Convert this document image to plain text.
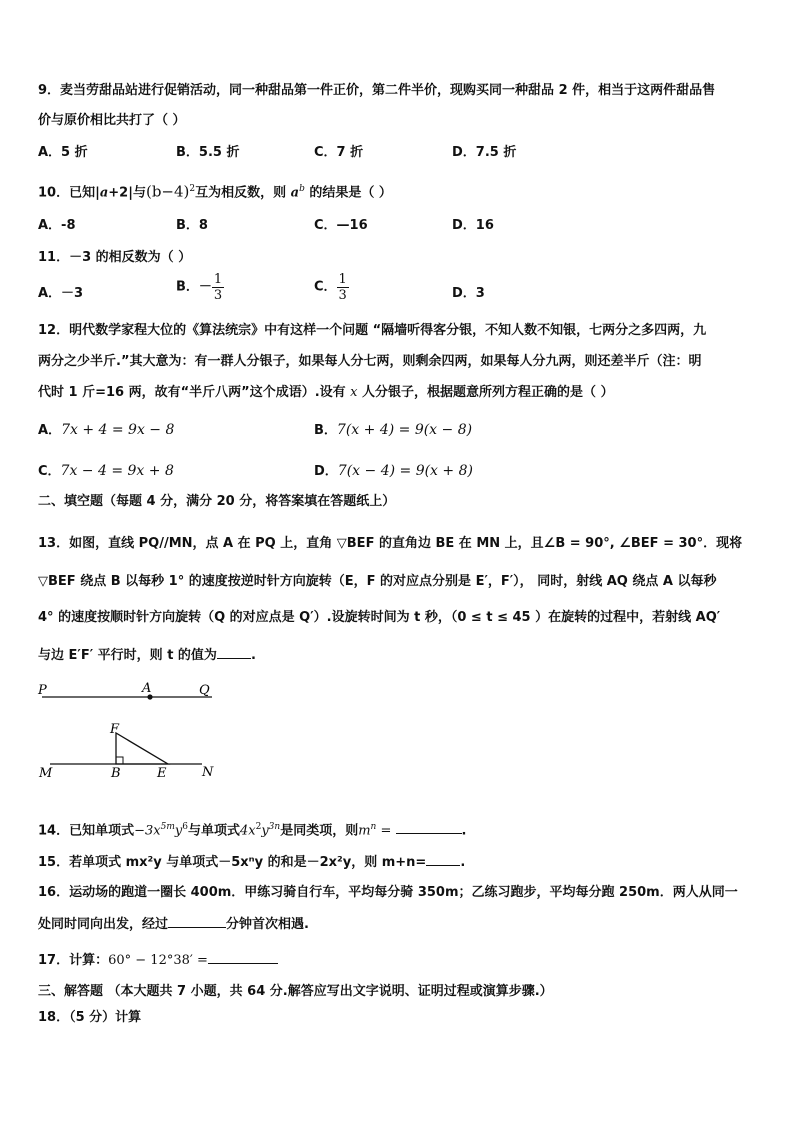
9．麦当劳甜品站进行促销活动，同一种甜品第一件正价，第二件半价，现购买同一种甜品 2 件，相当于这两件甜品售
价与原价相比共打了（ ）
A．5 折	B．5.5 折	C．7 折	D．7.5 折
10．已知|a+2|与$(b-4)^2$互为相反数，则 $a^b$ 的结果是（ ）
A．-8	B．8	C．—16	D．16
11．－3 的相反数为（ ）
A．－3	B．－ $\frac{1}{3}$	C． $\frac{1}{3}$	D．3
12．明代数学家程大位的《算法统宗》中有这样一个问题 “隔墙听得客分银，不知人数不知银，七两分之多四两，九
两分之少半斤.”其大意为：有一群人分银子，如果每人分七两，则剩余四两，如果每人分九两，则还差半斤（注：明
代时 1 斤=16 两，故有“半斤八两”这个成语）.设有 x 人分银子，根据题意所列方程正确的是（ ）
A．7x + 4 = 9x − 8	B．7(x + 4) = 9(x − 8)
C．7x − 4 = 9x + 8	D．7(x − 4) = 9(x + 8)
二、填空题（每题 4 分，满分 20 分，将答案填在答题纸上）
13．如图，直线 PQ//MN，点 A 在 PQ 上，直角 ▽BEF 的直角边 BE 在 MN 上，且∠B = 90°, ∠BEF = 30°．现将
▽BEF 绕点 B 以每秒 1° 的速度按逆时针方向旋转（E，F 的对应点分别是 E′，F′）， 同时，射线 AQ 绕点 A 以每秒
4° 的速度按顺时针方向旋转（Q 的对应点是 Q′）.设旋转时间为 t 秒，（0 ≤ t ≤ 45 ）在旋转的过程中，若射线 AQ′
与边 E′F′ 平行时，则 t 的值为	.
P	A	Q
F
M	B	E	N
14．已知单项式$-3x^{5m}y^6$与单项式$4x^2y^{3n}$是同类项，则$m^n$ =	.
15．若单项式 mx²y 与单项式－5xⁿy 的和是－2x²y，则 m+n=	.
16．运动场的跑道一圈长 400m．甲练习骑自行车，平均每分骑 350m；乙练习跑步，平均每分跑 250m．两人从同一
处同时同向出发，经过	分钟首次相遇.
17．计算：60° − 12°38′ =
三、解答题 （本大题共 7 小题，共 64 分.解答应写出文字说明、证明过程或演算步骤.）
18．（5 分）计算
